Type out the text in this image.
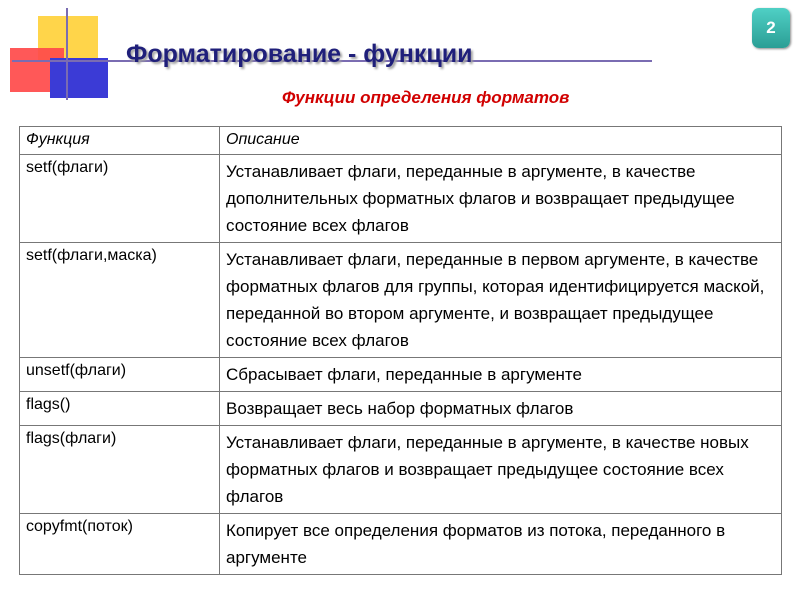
2
Форматирование - функции
Функции определения форматов
Функция	Описание
setf(флаги)	Устанавливает флаги, переданные в аргументе, в качестве дополнительных форматных флагов и возвращает предыдущее состояние всех флагов
setf(флаги,маска)	Устанавливает флаги, переданные в первом аргументе, в качестве форматных флагов для группы, которая идентифицируется маской, переданной во втором аргументе, и возвращает предыдущее состояние всех флагов
unsetf(флаги)	Сбрасывает флаги, переданные в аргументе
flags()	Возвращает весь набор форматных флагов
flags(флаги)	Устанавливает флаги, переданные в аргументе, в качестве новых форматных флагов и возвращает предыдущее состояние всех флагов
copyfmt(поток)	Копирует все определения форматов из потока, переданного в аргументе
